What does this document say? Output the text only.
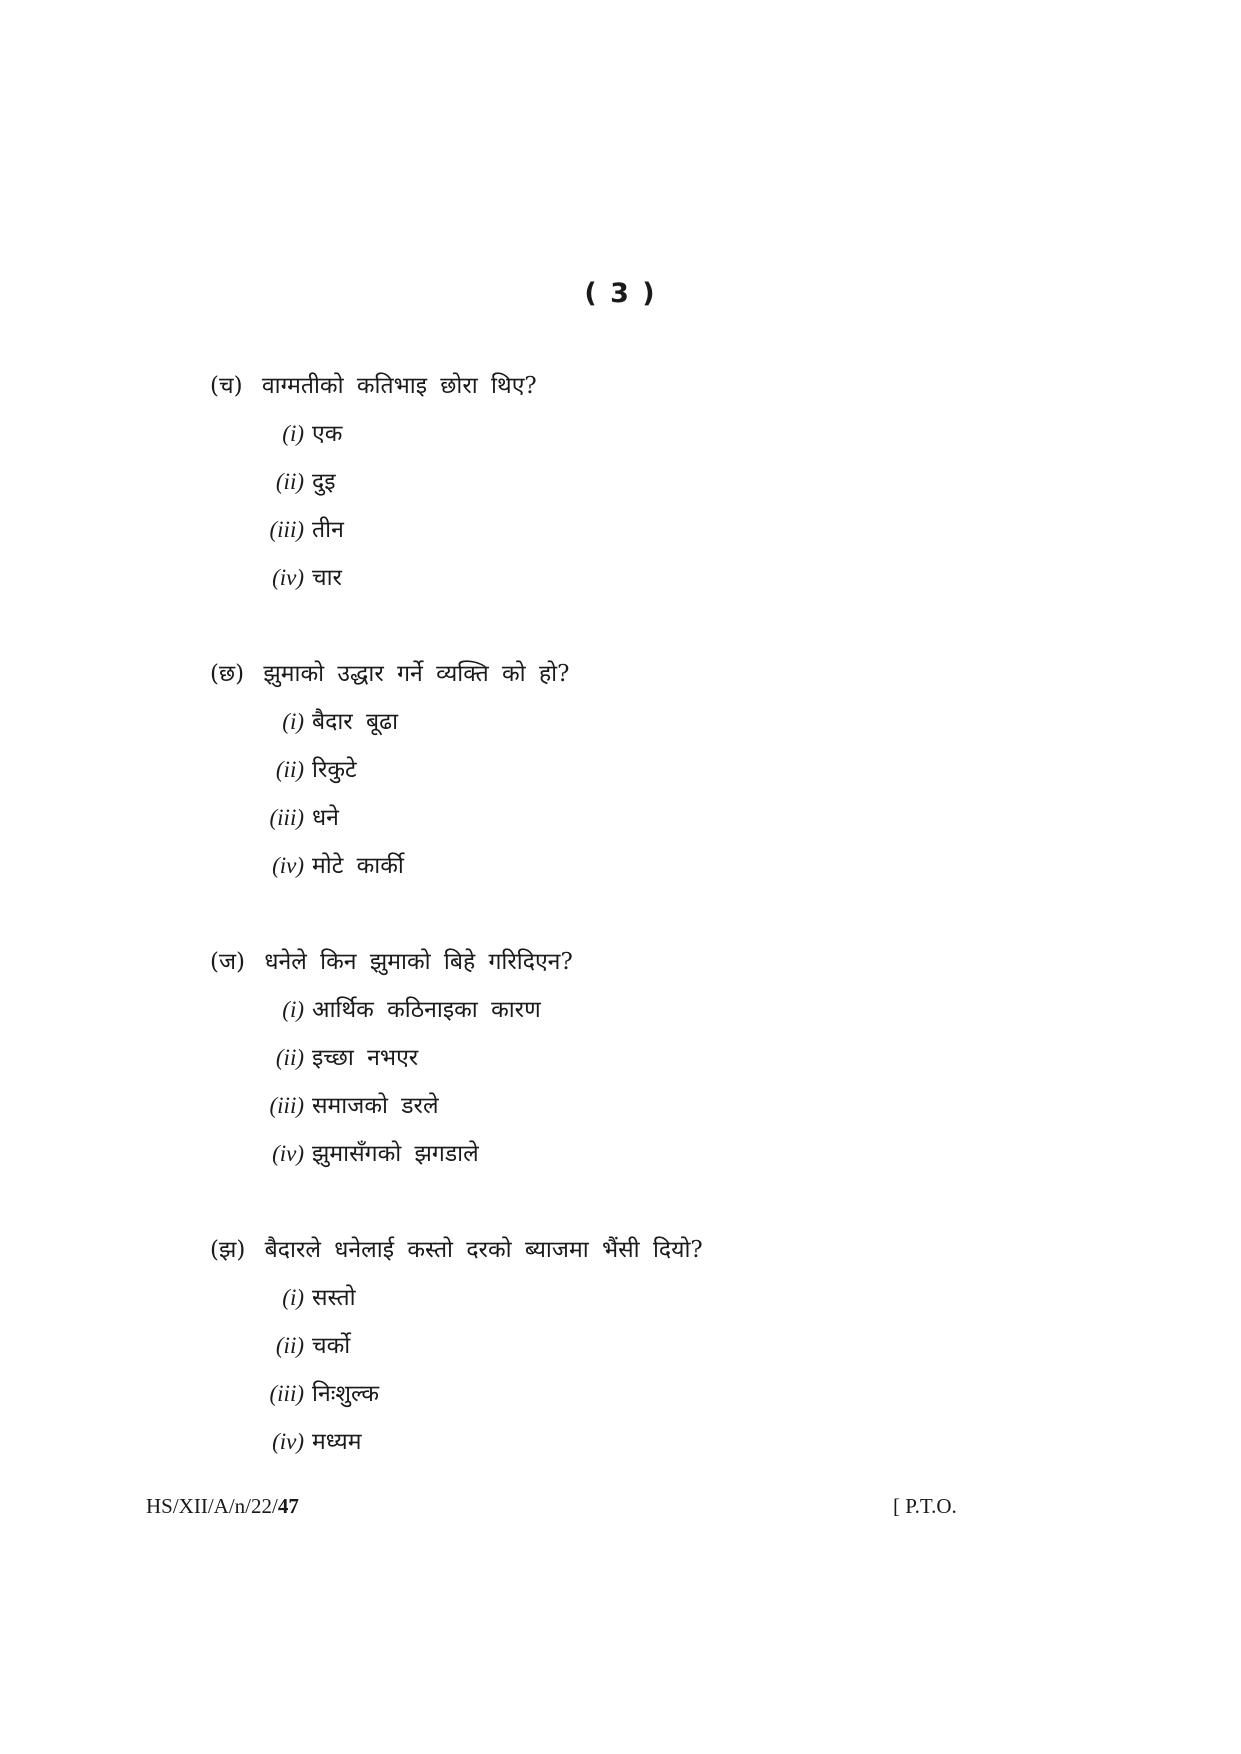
( 3 )
(च) वाग्मतीको कतिभाइ छोरा थिए?
(i) एक
(ii) दुइ
(iii) तीन
(iv) चार
(छ) झुमाको उद्धार गर्ने व्यक्ति को हो?
(i) बैदार बूढा
(ii) रिकुटे
(iii) धने
(iv) मोटे कार्की
(ज) धनेले किन झुमाको बिहे गरिदिएन?
(i) आर्थिक कठिनाइका कारण
(ii) इच्छा नभएर
(iii) समाजको डरले
(iv) झुमासँगको झगडाले
(झ) बैदारले धनेलाई कस्तो दरको ब्याजमा भैंसी दियो?
(i) सस्तो
(ii) चर्को
(iii) निःशुल्क
(iv) मध्यम
HS/XII/A/n/22/47	[ P.T.O.
